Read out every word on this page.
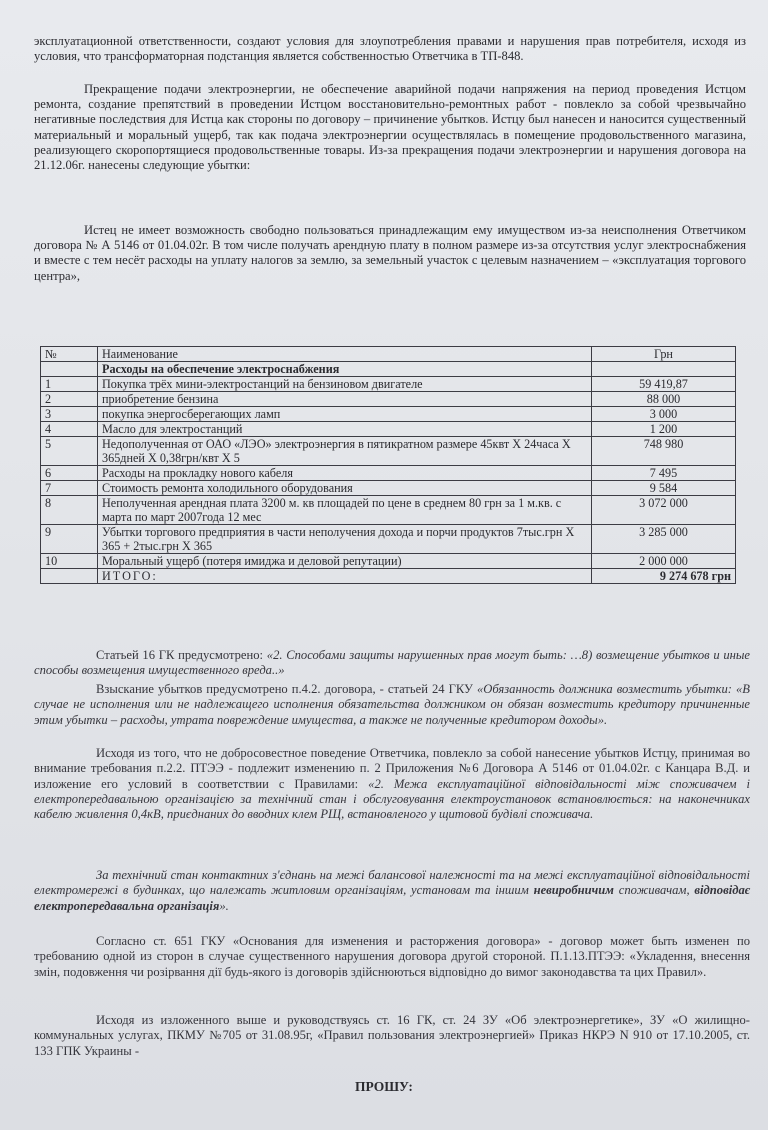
эксплуатационной ответственности, создают условия для злоупотребления правами и нарушения прав потребителя, исходя из условия, что трансформаторная подстанция является собственностью Ответчика в ТП-848.

Прекращение подачи электроэнергии, не обеспечение аварийной подачи напряжения на период проведения Истцом ремонта, создание препятствий в проведении Истцом восстановительно-ремонтных работ - повлекло за собой чрезвычайно негативные последствия для Истца как стороны по договору – причинение убытков. Истцу был нанесен и наносится существенный материальный и моральный ущерб, так как подача электроэнергии осуществлялась в помещение продовольственного магазина, реализующего скоропортящиеся продовольственные товары. Из-за прекращения подачи электроэнергии и нарушения договора на 21.12.06г. нанесены следующие убытки:

Истец не имеет возможность свободно пользоваться принадлежащим ему имуществом из-за неисполнения Ответчиком договора № А 5146 от 01.04.02г. В том числе получать арендную плату в полном размере из-за отсутствия услуг электроснабжения и вместе с тем несёт расходы на уплату налогов за землю, за земельный участок с целевым назначением – «эксплуатация торгового центра»,

№	Наименование	Грн
	Расходы на обеспечение электроснабжения	
1	Покупка трёх мини-электростанций на бензиновом двигателе	59 419,87
2	приобретение бензина	88 000
3	покупка энергосберегающих ламп	3 000
4	Масло для электростанций	1 200
5	Недополученная от ОАО «ЛЭО» электроэнергия в пятикратном размере 45квт X 24часа X 365дней X 0,38грн/квт X 5	748 980
6	Расходы на прокладку нового кабеля	7 495
7	Стоимость ремонта холодильного оборудования	9 584
8	Неполученная арендная плата 3200 м. кв площадей по цене в среднем 80 грн за 1 м.кв. с марта по март 2007года 12 мес	3 072 000
9	Убытки торгового предприятия в части неполучения дохода и порчи продуктов 7тыс.грн X 365 + 2тыс.грн X 365	3 285 000
10	Моральный ущерб (потеря имиджа и деловой репутации)	2 000 000
	ИТОГО:	9 274 678 грн

Статьей 16 ГК предусмотрено: «2. Способами защиты нарушенных прав могут быть: …8) возмещение убытков и иные способы возмещения имущественного вреда..»

Взыскание убытков предусмотрено п.4.2. договора, - статьей 24 ГКУ «Обязанность должника возместить убытки: «В случае не исполнения или не надлежащего исполнения обязательства должником он обязан возместить кредитору причиненные этим убытки – расходы, утрата повреждение имущества, а также не полученные кредитором доходы».

Исходя из того, что не добросовестное поведение Ответчика, повлекло за собой нанесение убытков Истцу, принимая во внимание требования п.2.2. ПТЭЭ - подлежит изменению п. 2 Приложения №6 Договора А 5146 от 01.04.02г. с Канцара В.Д. и изложение его условий в соответствии с Правилами: «2. Межа експлуатаційної відповідальності між споживачем і електропередавальною організацією за технічний стан і обслуговування електроустановок встановлюється: на наконечниках кабелю живлення 0,4кВ, приєднаних до вводних клем РЩ, встановленого у щитовой будівлі споживача.

За технічний стан контактних з'єднань на межі балансової належності та на межі експлуатаційної відповідальності електромережі в будинках, що належать житловим організаціям, установам та іншим невиробничим споживачам, відповідає електропередавальна організація».

Согласно ст. 651 ГКУ «Основания для изменения и расторжения договора» - договор может быть изменен по требованию одной из сторон в случае существенного нарушения договора другой стороной. П.1.13.ПТЭЭ: «Укладення, внесення змін, подовження чи розірвання дії будь-якого із договорів здійснюються відповідно до вимог законодавства та цих Правил».

Исходя из изложенного выше и руководствуясь ст. 16 ГК, ст. 24 ЗУ «Об электроэнергетике», ЗУ «О жилищно-коммунальных услугах, ПКМУ №705 от 31.08.95г, «Правил пользования электроэнергией» Приказ НКРЭ N 910 от 17.10.2005, ст. 133 ГПК Украины -

ПРОШУ:
